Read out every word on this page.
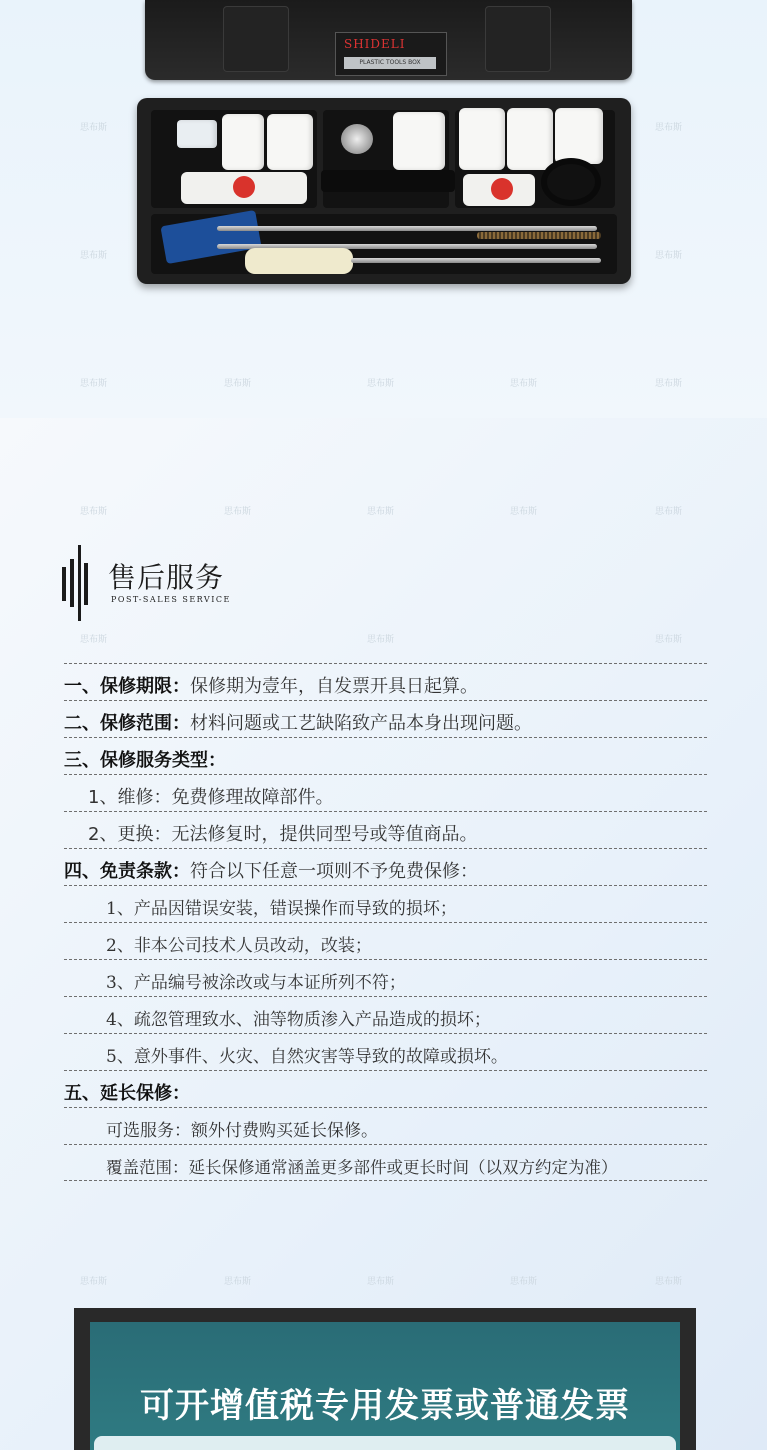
SHIDELI
PLASTIC TOOLS BOX
思布斯	思布斯
思布斯	思布斯
思布斯	思布斯	思布斯	思布斯	思布斯
思布斯	思布斯	思布斯	思布斯	思布斯
思布斯	思布斯	思布斯
思布斯	思布斯	思布斯	思布斯	思布斯
售后服务
POST-SALES SERVICE
一、保修期限：保修期为壹年，自发票开具日起算。
二、保修范围：材料问题或工艺缺陷致产品本身出现问题。
三、保修服务类型：
1、维修：免费修理故障部件。
2、更换：无法修复时，提供同型号或等值商品。
四、免责条款：符合以下任意一项则不予免费保修：
1、产品因错误安装，错误操作而导致的损坏；
2、非本公司技术人员改动，改装；
3、产品编号被涂改或与本证所列不符；
4、疏忽管理致水、油等物质渗入产品造成的损坏；
5、意外事件、火灾、自然灾害等导致的故障或损坏。
五、延长保修：
可选服务：额外付费购买延长保修。
覆盖范围：延长保修通常涵盖更多部件或更长时间（以双方约定为准）
可开增值税专用发票或普通发票
